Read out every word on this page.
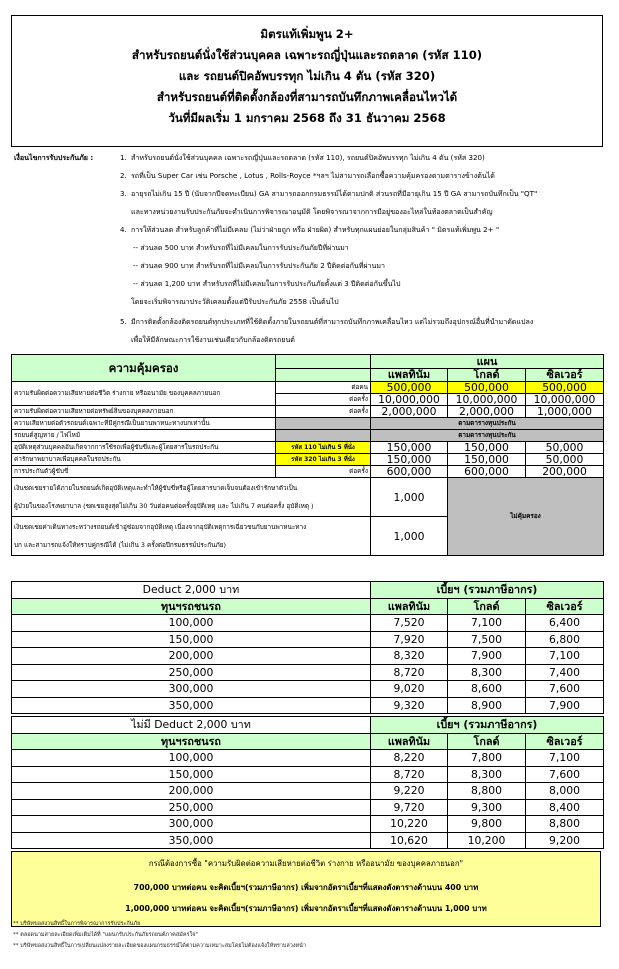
มิตรแท้เพิ่มพูน 2+
สำหรับรถยนต์นั่งใช้ส่วนบุคคล เฉพาะรถญี่ปุ่นและรถตลาด (รหัส 110)
และ รถยนต์ปิคอัพบรรทุก ไม่เกิน 4 ตัน (รหัส 320)
สำหรับรถยนต์ที่ติดตั้งกล้องที่สามารถบันทึกภาพเคลื่อนไหวได้
วันที่มีผลเริ่ม 1 มกราคม 2568 ถึง 31 ธันวาคม 2568
เงื่อนไขการรับประกันภัย :	1. สำหรับรถยนต์นั่งใช้ส่วนบุคคล เฉพาะรถญี่ปุ่นและรถตลาด (รหัส 110), รถยนต์ปิคอัพบรรทุก ไม่เกิน 4 ตัน (รหัส 320)
2. รถที่เป็น Super Car เช่น Porsche , Lotus , Rolls-Royce *ฯลฯ ไม่สามารถเลือกซื้อความคุ้มครองตามตารางข้างต้นได้
3. อายุรถไม่เกิน 15 ปี (นับจากปีจดทะเบียน) GA สามารถออกกรมธรรม์ได้ตามปกติ ส่วนรถที่มีอายุเกิน 15 ปี GA สามารถบันทึกเป็น "QT"
และทางหน่วยงานรับประกันภัยจะดำเนินการพิจารณาอนุมัติ โดยพิจารณาจากการมีอยู่ของอะไหล่ในท้องตลาดเป็นสำคัญ
4. การให้ส่วนลด สำหรับลูกค้าที่ไม่มีเคลม (ไม่ว่าฝ่ายถูก หรือ ฝ่ายผิด) สำหรับทุกแผนย่อยในกลุ่มสินค้า " มิตรแท้เพิ่มพูน 2+ "
-- ส่วนลด 500 บาท สำหรับรถที่ไม่มีเคลมในการรับประกันภัยปีที่ผ่านมา
-- ส่วนลด 900 บาท สำหรับรถที่ไม่มีเคลมในการรับประกันภัย 2 ปีติดต่อกันที่ผ่านมา
-- ส่วนลด 1,200 บาท สำหรับรถที่ไม่มีเคลมในการรับประกันภัยตั้งแต่ 3 ปีติดต่อกันขึ้นไป
โดยจะเริ่มพิจารณาประวัติเคลมตั้งแต่ปีรับประกันภัย 2558 เป็นต้นไป
5. มีการติดตั้งกล้องติดรถยนต์ทุกประเภทที่ใช้ติดตั้งภายในรถยนต์ที่สามารถบันทึกภาพเคลื่อนไหว แต่ไม่รวมถึงอุปกรณ์อื่นที่นำมาดัดแปลง
เพื่อให้มีลักษณะการใช้งานเช่นเดียวกับกล้องติดรถยนต์
ความคุ้มครอง		แผน		
		แพลทินัม	โกลด์	ซิลเวอร์
ความรับผิดต่อความเสียหายต่อชีวิต ร่างกาย หรืออนามัย ของบุคคลภายนอก	ต่อคน	500,000	500,000	500,000
	ต่อครั้ง	10,000,000	10,000,000	10,000,000
ความรับผิดต่อความเสียหายต่อทรัพย์สินของบุคคลภายนอก	ต่อครั้ง	2,000,000	2,000,000	1,000,000
ความเสียหายต่อตัวรถยนต์เฉพาะที่มีคู่กรณีเป็นยานพาหนะทางบกเท่านั้น		ตามตารางทุนประกัน		
รถยนต์สูญหาย / ไฟไหม้		ตามตารางทุนประกัน		
อุบัติเหตุส่วนบุคคลอันเกิดจากการใช้รถเพื่อผู้ขับขี่และผู้โดยสารในรถประกัน	รหัส 110 ไม่เกิน 5 ที่นั่ง	150,000	150,000	50,000
ค่ารักษาพยาบาลเพื่อบุคคลในรถประกัน	รหัส 320 ไม่เกิน 3 ที่นั่ง	150,000	150,000	50,000
การประกันตัวผู้ขับขี่	ต่อครั้ง	600,000	600,000	200,000

เงินชดเชยรายได้ภายในรถยนต์เกิดอุบัติเหตุและทำให้ผู้ขับขี่หรือผู้โดยสารบาดเจ็บจนต้องเข้ารักษาตัวเป็น
ผู้ป่วยในของโรงพยาบาล (ชดเชยสูงสุดไม่เกิน 30 วันต่อคนต่อครั้งอุบัติเหตุ และ ไม่เกิน 7 คนต่อครั้ง อุบัติเหตุ )		1,000	ไม่คุ้มครอง	

เงินชดเชยค่าเดินทางระหว่างรถยนต์เข้าอู่ซ่อมจากอุบัติเหตุ เนื่องจากอุบัติเหตุการเฉี่ยวชนกับยานพาหนะทาง
บก และสามารถแจ้งให้ทราบคู่กรณีได้ (ไม่เกิน 3 ครั้งต่อปีกรมธรรม์ประกันภัย)		1,000		
Deduct 2,000 บาท	เบี้ยฯ (รวมภาษีอากร)		
ทุนฯรถชนรถ	แพลทินัม	โกลด์	ซิลเวอร์
100,000	7,520	7,100	6,400
150,000	7,920	7,500	6,800
200,000	8,320	7,900	7,100
250,000	8,720	8,300	7,400
300,000	9,020	8,600	7,600
350,000	9,320	8,900	7,900
ไม่มี Deduct 2,000 บาท	เบี้ยฯ (รวมภาษีอากร)		
ทุนฯรถชนรถ	แพลทินัม	โกลด์	ซิลเวอร์
100,000	8,220	7,800	7,100
150,000	8,720	8,300	7,600
200,000	9,220	8,800	8,000
250,000	9,720	9,300	8,400
300,000	10,220	9,800	8,800
350,000	10,620	10,200	9,200
กรณีต้องการซื้อ "ความรับผิดต่อความเสียหายต่อชีวิต ร่างกาย หรืออนามัย ของบุคคลภายนอก"
700,000 บาทต่อคน จะคิดเบี้ยฯ(รวมภาษีอากร) เพิ่มจากอัตราเบี้ยฯที่แสดงดังตารางด้านบน 400 บาท
1,000,000 บาทต่อคน จะคิดเบี้ยฯ(รวมภาษีอากร) เพิ่มจากอัตราเบี้ยฯที่แสดงดังตารางด้านบน 1,000 บาท
** บริษัทขอสงวนสิทธิ์ในการพิจารณาการรับประกันภัย
** ตลอดนามสายละเอียดเพิ่มเติมได้ที่ "แผนกรับประกันภัยรถยนต์ภาคสมัครใจ"
** บริษัทขอสงวนสิทธิ์ในการเปลี่ยนแปลงรายละเอียดของแผนกรมธรรม์ได้ตามความเหมาะสมโดยไม่ต้องแจ้งให้ทราบล่วงหน้า
